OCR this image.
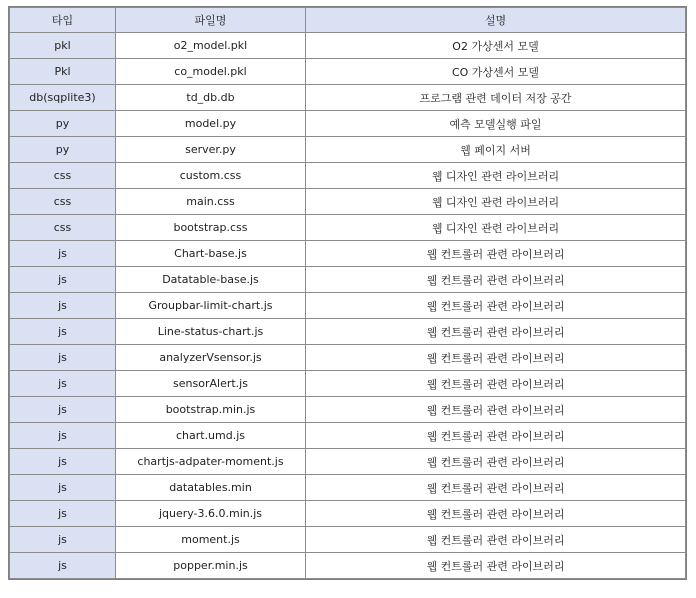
타입	파일명	설명
pkl	o2_model.pkl	O2 가상센서 모델
Pkl	co_model.pkl	CO 가상센서 모델
db(sqplite3)	td_db.db	프로그램 관련 데이터 저장 공간
py	model.py	예측 모델실행 파일
py	server.py	웹 페이지 서버
css	custom.css	웹 디자인 관련 라이브러리
css	main.css	웹 디자인 관련 라이브러리
css	bootstrap.css	웹 디자인 관련 라이브러리
js	Chart-base.js	웹 컨트롤러 관련 라이브러리
js	Datatable-base.js	웹 컨트롤러 관련 라이브러리
js	Groupbar-limit-chart.js	웹 컨트롤러 관련 라이브러리
js	Line-status-chart.js	웹 컨트롤러 관련 라이브러리
js	analyzerVsensor.js	웹 컨트롤러 관련 라이브러리
js	sensorAlert.js	웹 컨트롤러 관련 라이브러리
js	bootstrap.min.js	웹 컨트롤러 관련 라이브러리
js	chart.umd.js	웹 컨트롤러 관련 라이브러리
js	chartjs-adpater-moment.js	웹 컨트롤러 관련 라이브러리
js	datatables.min	웹 컨트롤러 관련 라이브러리
js	jquery-3.6.0.min.js	웹 컨트롤러 관련 라이브러리
js	moment.js	웹 컨트롤러 관련 라이브러리
js	popper.min.js	웹 컨트롤러 관련 라이브러리
